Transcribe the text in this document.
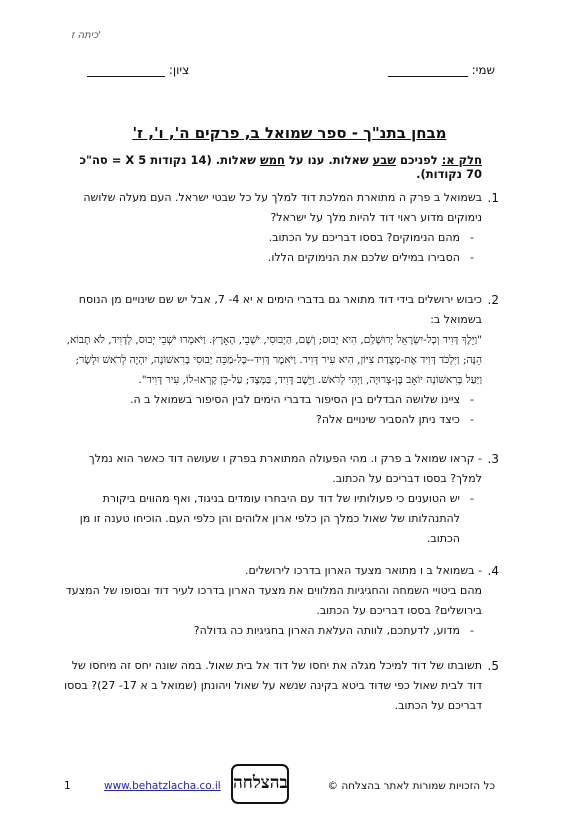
כיתה ז'
שמי:
ציון:
מבחן בתנ"ך - ספר שמואל ב, פרקים ה', ו', ז'
חלק א: לפניכם שבע שאלות. ענו על חמש שאלות. (14 נקודות X 5 = סה"כ 70 נקודות).
1.

בשמואל ב פרק ה מתוארת המלכת דוד למלך על כל שבטי ישראל. העם מעלה שלושה נימוקים מדוע ראוי דוד להיות מלך על ישראל?

- מהם הנימוקים? בססו דבריכם על הכתוב.

- הסבירו במילים שלכם את הנימוקים הללו.

2.

כיבוש ירושלים בידי דוד מתואר גם בדברי הימים א יא 4- 7, אבל יש שם שינויים מן הנוסח בשמואל ב:

"וַיֵּלֶךְ דָּוִיד וְכָל-יִשְׂרָאֵל יְרוּשָׁלִַם, הִיא יְבוּס; וְשָׁם, הַיְבוּסִי, יֹשְׁבֵי, הָאָרֶץ. וַיֹּאמְרוּ יֹשְׁבֵי יְבוּס, לְדָוִיד, לֹא תָבוֹא, הֵנָּה; וַיִּלְכֹּד דָּוִיד אֶת-מְצֻדַת צִיּוֹן, הִיא עִיר דָּוִיד. וַיֹּאמֶר דָּוִיד--כָּל-מַכֵּה יְבוּסִי בָּרִאשׁוֹנָה, יִהְיֶה לְרֹאשׁ וּלְשָׂר; וַיַּעַל בָּרִאשׁוֹנָה יוֹאָב בֶּן-צְרוּיָה, וַיְהִי לְרֹאשׁ. וַיֵּשֶׁב דָּוִיד, בַּמְּצָד; עַל-כֵּן קָרְאוּ-לוֹ, עִיר דָּוִיד".

- ציינו שלושה הבדלים בין הסיפור בדברי הימים לבין הסיפור בשמואל ב ה.

- כיצד ניתן להסביר שינויים אלה?

3.

- קראו שמואל ב פרק ו. מהי הפעולה המתוארת בפרק ו שעושה דוד כאשר הוא נמלך למלך? בססו דבריכם על הכתוב.

- יש הטוענים כי פעולותיו של דוד עם היבחרו עומדים בניגוד, ואף מהווים ביקורת להתנהלותו של שאול כמלך הן כלפי ארון אלוהים והן כלפי העם. הוכיחו טענה זו מן הכתוב.

4.

- בשמואל ב ו מתואר מצעד הארון בדרכו לירושלים.

מהם ביטויי השמחה והחגיגיות המלווים את מצעד הארון בדרכו לעיר דוד ובסופו של המצעד בירושלים? בססו דבריכם על הכתוב.

- מדוע, לדעתכם, לוותה העלאת הארון בחגיגיות כה גדולה?

5.

תשובתו של דוד למיכל מגלה את יחסו של דוד אל בית שאול. במה שונה יחס זה מיחסו של דוד לבית שאול כפי שדוד ביטא בקינה שנשא על שאול ויהונתן (שמואל ב א 17- 27)? בססו דבריכם על הכתוב.

כל הזכויות שמורות לאתר בהצלחה ©
בהצלחה
www.behatzlacha.co.il
1
